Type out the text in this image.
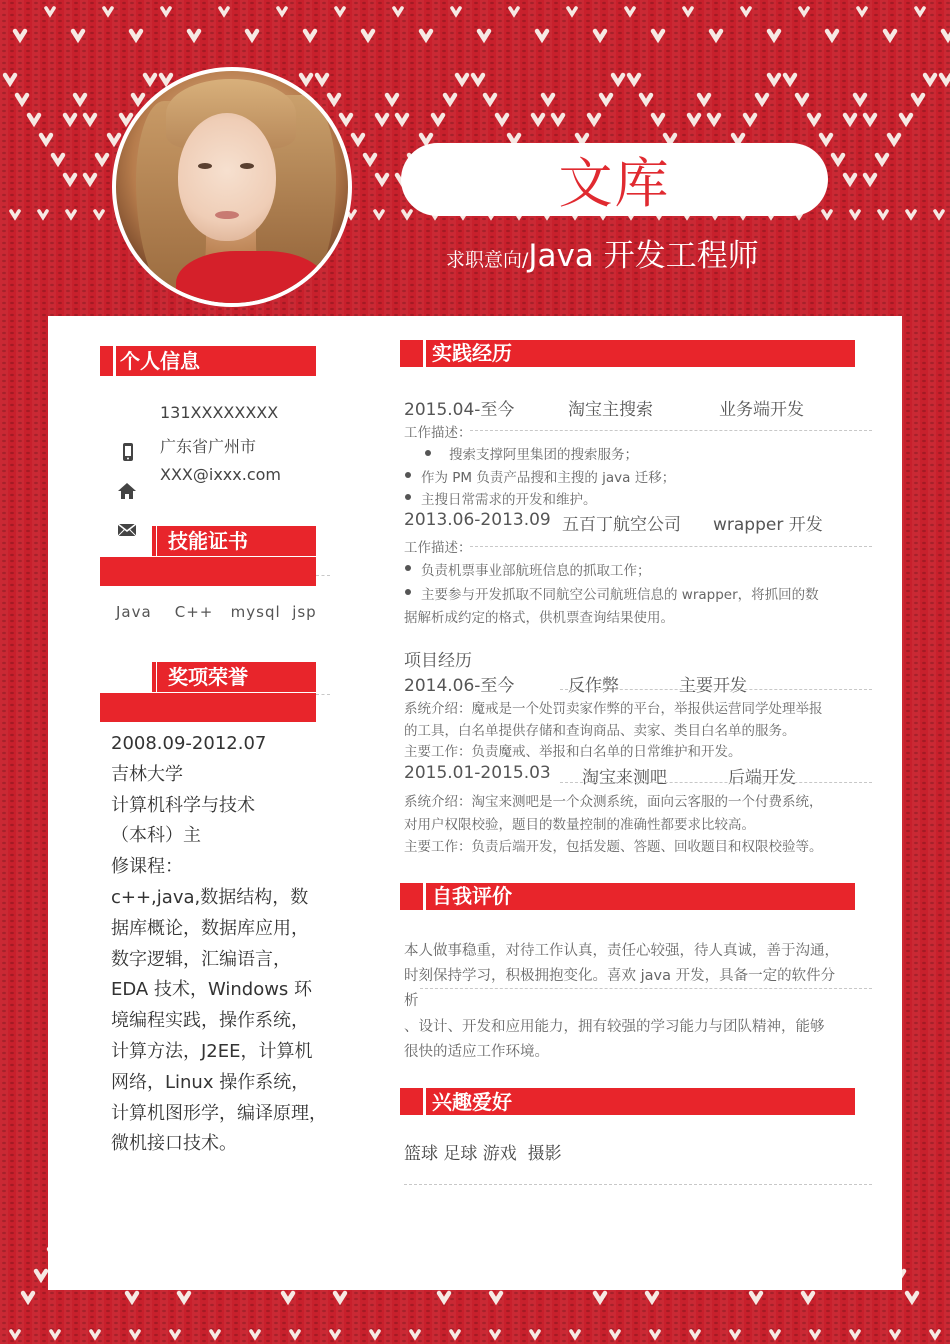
文库
求职意向/Java 开发工程师
个人信息
131XXXXXXXX
广东省广州市
XXX@ixxx.com
技能证书
Java    C++   mysql  jsp
奖项荣誉
2008.09-2012.07
吉林大学
计算机科学与技术
（本科）主
修课程：
c++,java,数据结构，数
据库概论，数据库应用，
数字逻辑，汇编语言，
EDA 技术，Windows 环
境编程实践，操作系统，
计算方法，J2EE，计算机
网络，Linux 操作系统，
计算机图形学，编译原理，
微机接口技术。
实践经历
2015.04-至今	淘宝主搜索	业务端开发
工作描述：
搜索支撑阿里集团的搜索服务；
作为 PM 负责产品搜和主搜的 java 迁移；
主搜日常需求的开发和维护。
2013.06-2013.09 五百丁航空公司 wrapper 开发
工作描述：
负责机票事业部航班信息的抓取工作；
主要参与开发抓取不同航空公司航班信息的 wrapper，将抓回的数
据解析成约定的格式，供机票查询结果使用。
项目经历
2014.06-至今	反作弊	主要开发
系统介绍：魔戒是一个处罚卖家作弊的平台，举报供运营同学处理举报
的工具，白名单提供存储和查询商品、卖家、类目白名单的服务。
主要工作：负责魔戒、举报和白名单的日常维护和开发。
2015.01-2015.03 淘宝来测吧	后端开发
系统介绍：淘宝来测吧是一个众测系统，面向云客服的一个付费系统，
对用户权限校验，题目的数量控制的准确性都要求比较高。
主要工作：负责后端开发，包括发题、答题、回收题目和权限校验等。
自我评价
本人做事稳重，对待工作认真，责任心较强，待人真诚，善于沟通，
时刻保持学习，积极拥抱变化。喜欢 java 开发，具备一定的软件分
析
、设计、开发和应用能力，拥有较强的学习能力与团队精神，能够
很快的适应工作环境。
兴趣爱好
篮球 足球 游戏  摄影
